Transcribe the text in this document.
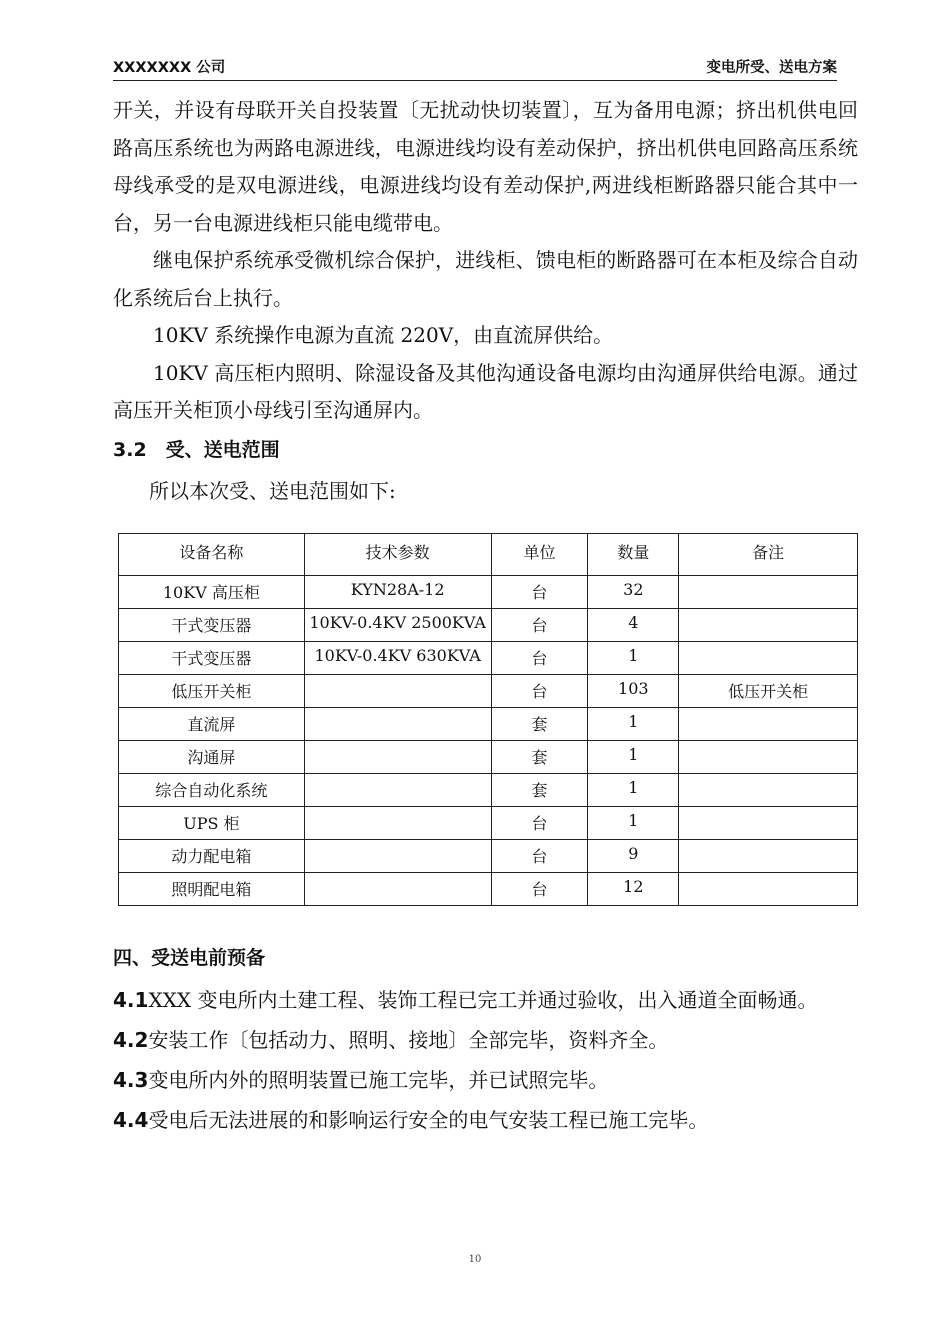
XXXXXXX 公司	变电所受、送电方案

开关，并设有母联开关自投装置〔无扰动快切装置〕，互为备用电源；挤出机供电回路高压系统也为两路电源进线，电源进线均设有差动保护，挤出机供电回路高压系统母线承受的是双电源进线，电源进线均设有差动保护,两进线柜断路器只能合其中一台，另一台电源进线柜只能电缆带电。

继电保护系统承受微机综合保护，进线柜、馈电柜的断路器可在本柜及综合自动化系统后台上执行。

10KV 系统操作电源为直流 220V，由直流屏供给。

10KV 高压柜内照明、除湿设备及其他沟通设备电源均由沟通屏供给电源。通过高压开关柜顶小母线引至沟通屏内。

3.2　受、送电范围

所以本次受、送电范围如下:

设备名称	技术参数	单位	数量	备注
10KV 高压柜	KYN28A-12	台	32	
干式变压器	10KV-0.4KV 2500KVA	台	4	
干式变压器	10KV-0.4KV 630KVA	台	1	
低压开关柜		台	103	低压开关柜
直流屏		套	1	
沟通屏		套	1	
综合自动化系统		套	1	
UPS 柜		台	1	
动力配电箱		台	9	
照明配电箱		台	12	

四、受送电前预备

4.1XXX 变电所内土建工程、装饰工程已完工并通过验收，出入通道全面畅通。

4.2安装工作〔包括动力、照明、接地〕全部完毕，资料齐全。

4.3变电所内外的照明装置已施工完毕，并已试照完毕。

4.4受电后无法进展的和影响运行安全的电气安装工程已施工完毕。

10
